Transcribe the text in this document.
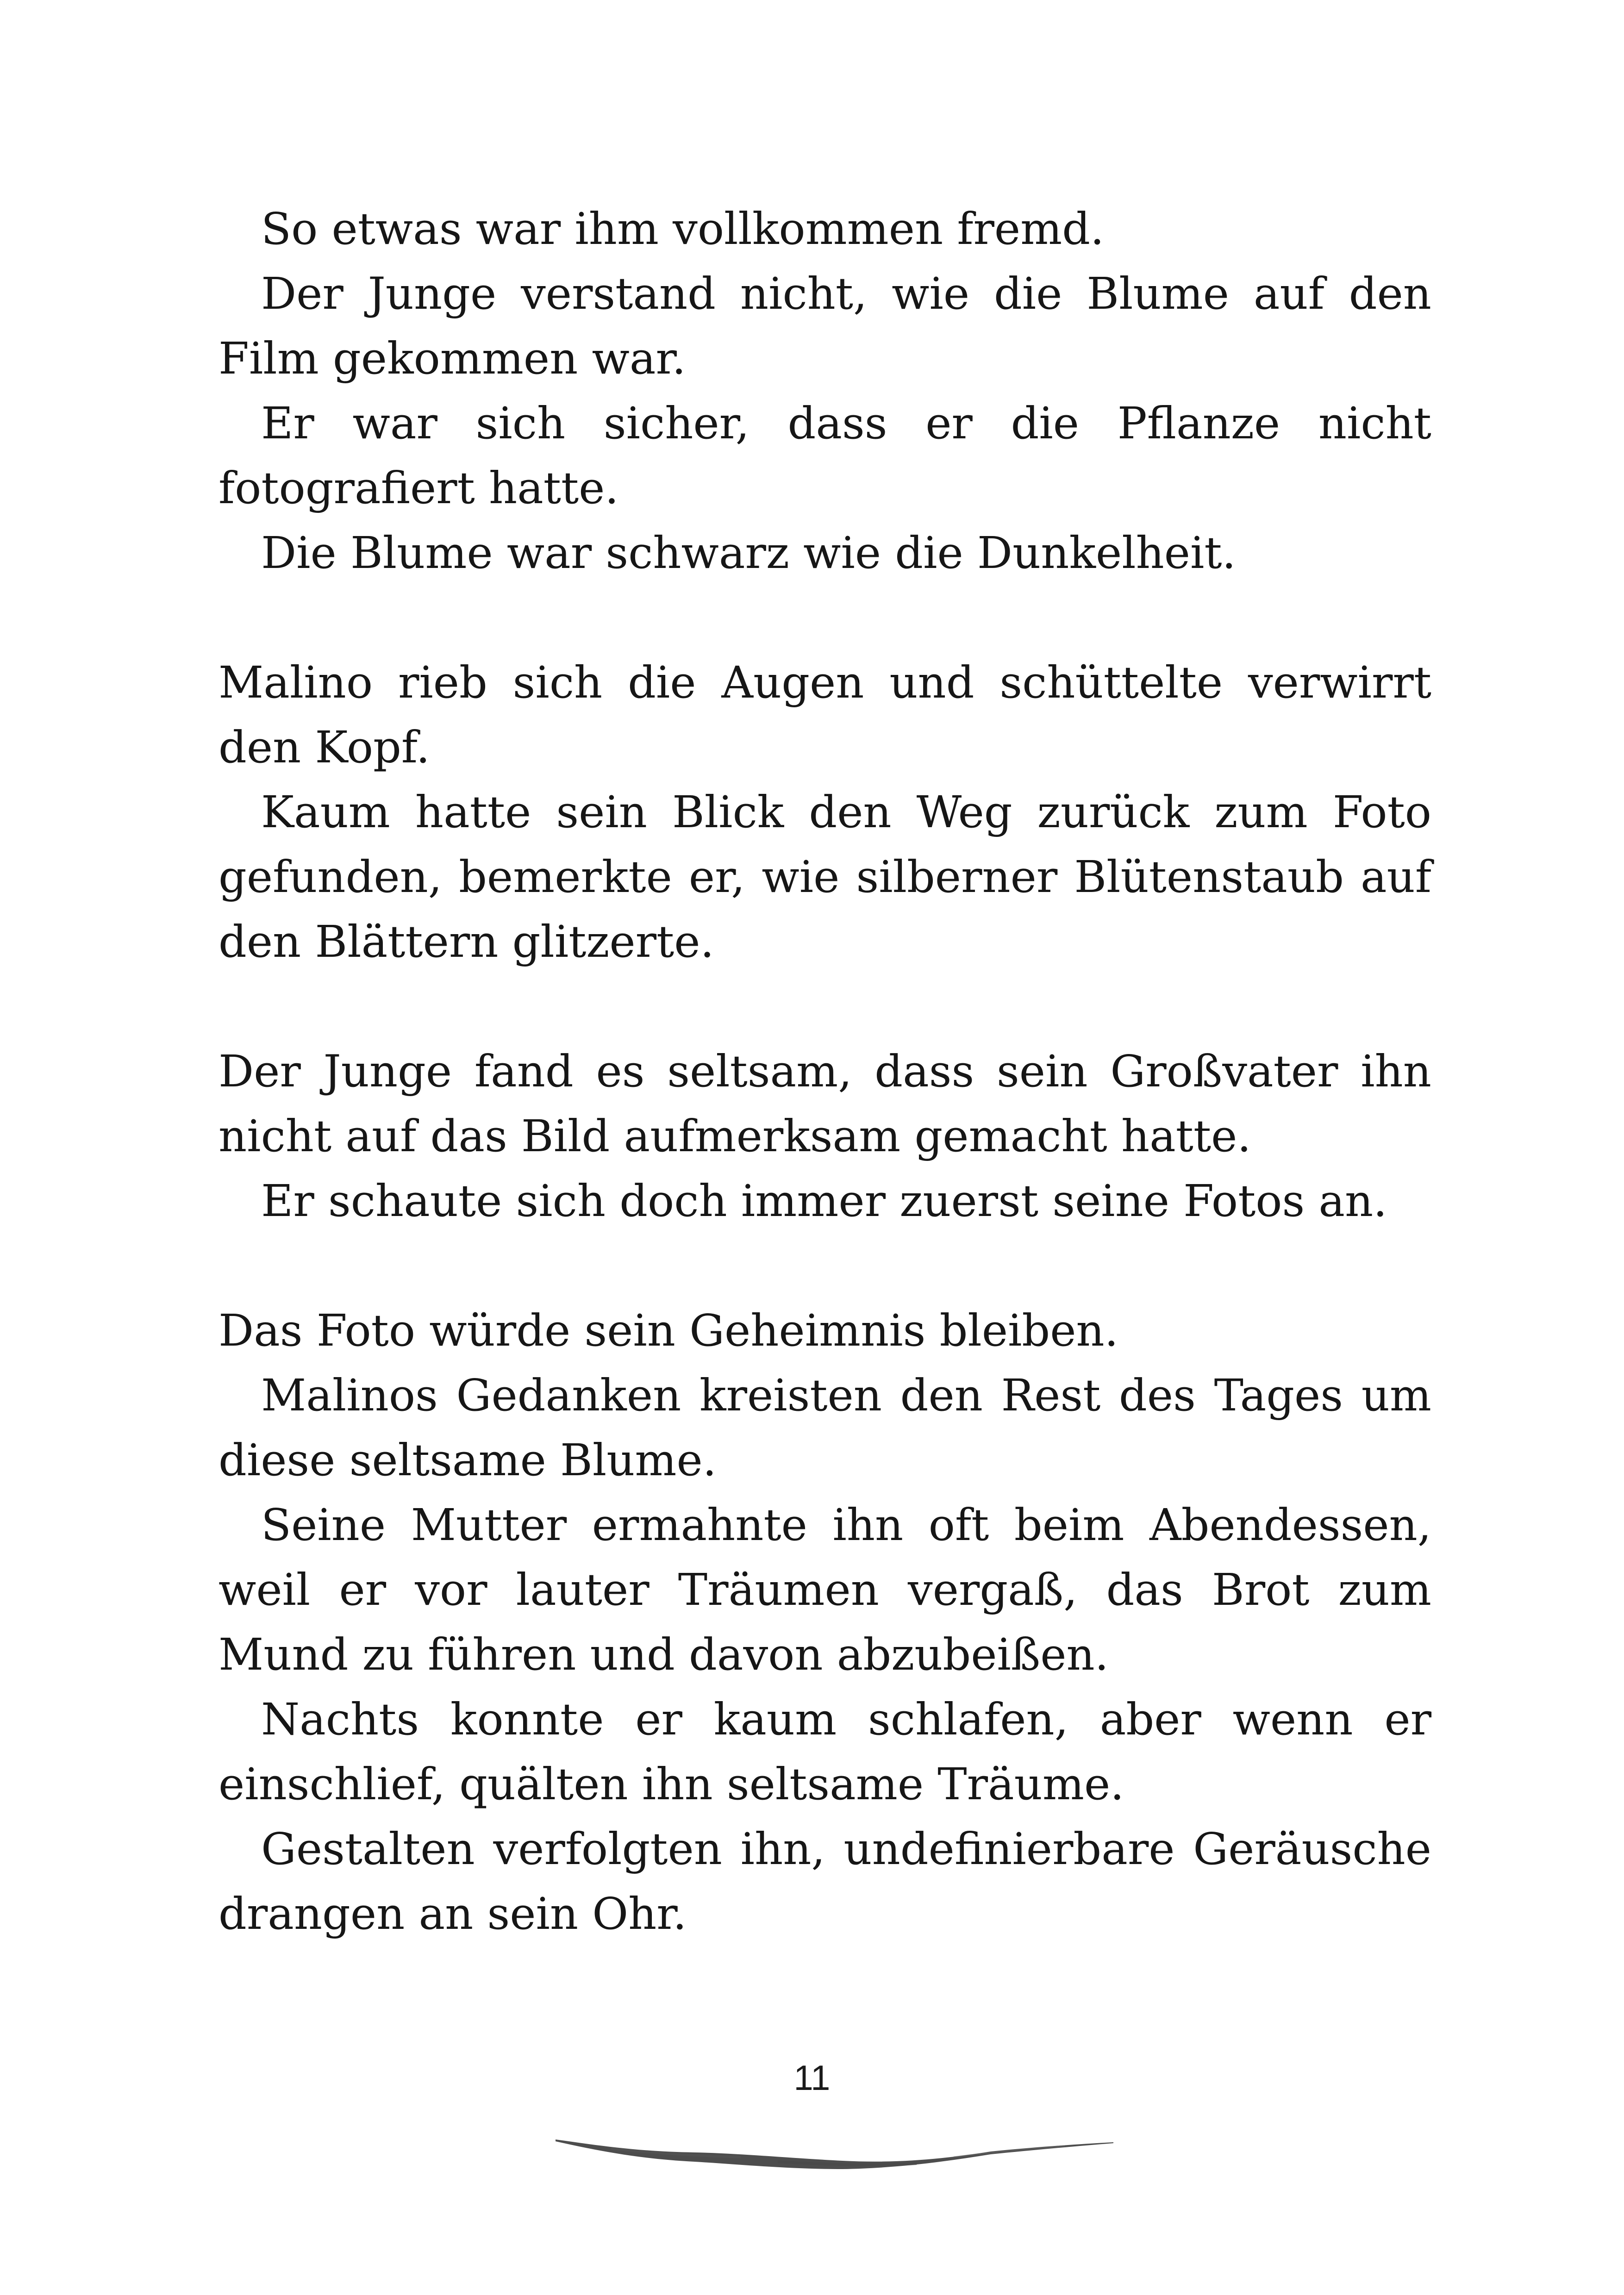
So etwas war ihm vollkommen fremd.

Der Junge verstand nicht, wie die Blume auf den Film gekommen war.

Er war sich sicher, dass er die Pflanze nicht fotografiert hatte.

Die Blume war schwarz wie die Dunkelheit.

Malino rieb sich die Augen und schüttelte verwirrt den Kopf.

Kaum hatte sein Blick den Weg zurück zum Foto gefunden, bemerkte er, wie silberner Blütenstaub auf den Blättern glitzerte.

Der Junge fand es seltsam, dass sein Großvater ihn nicht auf das Bild aufmerksam gemacht hatte.

Er schaute sich doch immer zuerst seine Fotos an.

Das Foto würde sein Geheimnis bleiben.

Malinos Gedanken kreisten den Rest des Tages um diese seltsame Blume.

Seine Mutter ermahnte ihn oft beim Abendessen, weil er vor lauter Träumen vergaß, das Brot zum Mund zu führen und davon abzubeißen.

Nachts konnte er kaum schlafen, aber wenn er einschlief, quälten ihn seltsame Träume.

Gestalten verfolgten ihn, undefinierbare Geräusche drangen an sein Ohr.

11
